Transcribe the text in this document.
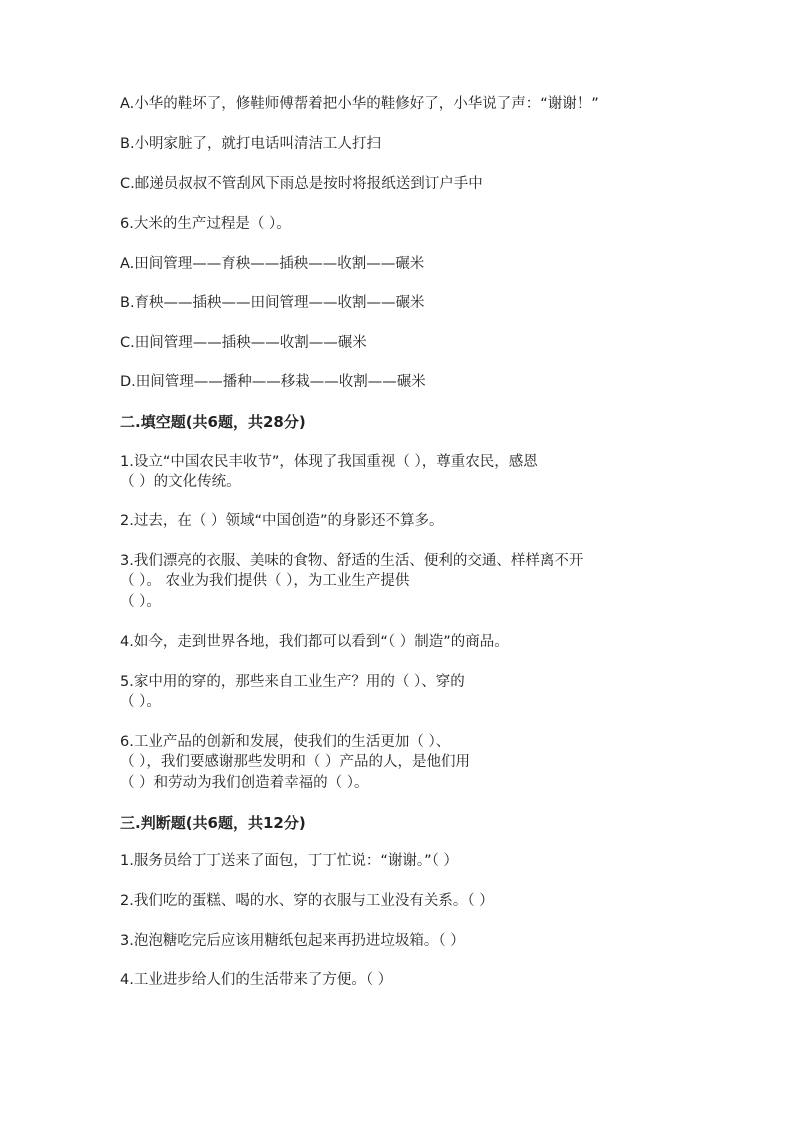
A.小华的鞋坏了，修鞋师傅帮着把小华的鞋修好了，小华说了声：“谢谢！”
B.小明家脏了，就打电话叫清洁工人打扫
C.邮递员叔叔不管刮风下雨总是按时将报纸送到订户手中
6.大米的生产过程是（ ）。
A.田间管理——育秧——插秧——收割——碾米
B.育秧——插秧——田间管理——收割——碾米
C.田间管理——插秧——收割——碾米
D.田间管理——播种——移栽——收割——碾米
二.填空题(共6题，共28分)
1.设立“中国农民丰收节”，体现了我国重视（ ），尊重农民，感恩
（ ）的文化传统。
2.过去，在（ ）领域“中国创造”的身影还不算多。
3.我们漂亮的衣服、美味的食物、舒适的生活、便利的交通、样样离不开
（ ）。 农业为我们提供（ ），为工业生产提供
（ ）。
4.如今，走到世界各地，我们都可以看到“（ ）制造”的商品。
5.家中用的穿的，那些来自工业生产？用的（ ）、穿的
（ ）。
6.工业产品的创新和发展，使我们的生活更加（ ）、
（ ），我们要感谢那些发明和（ ）产品的人，是他们用
（ ）和劳动为我们创造着幸福的（ ）。
三.判断题(共6题，共12分)
1.服务员给丁丁送来了面包，丁丁忙说：“谢谢。”（ ）
2.我们吃的蛋糕、喝的水、穿的衣服与工业没有关系。（ ）
3.泡泡糖吃完后应该用糖纸包起来再扔进垃圾箱。（ ）
4.工业进步给人们的生活带来了方便。（ ）
